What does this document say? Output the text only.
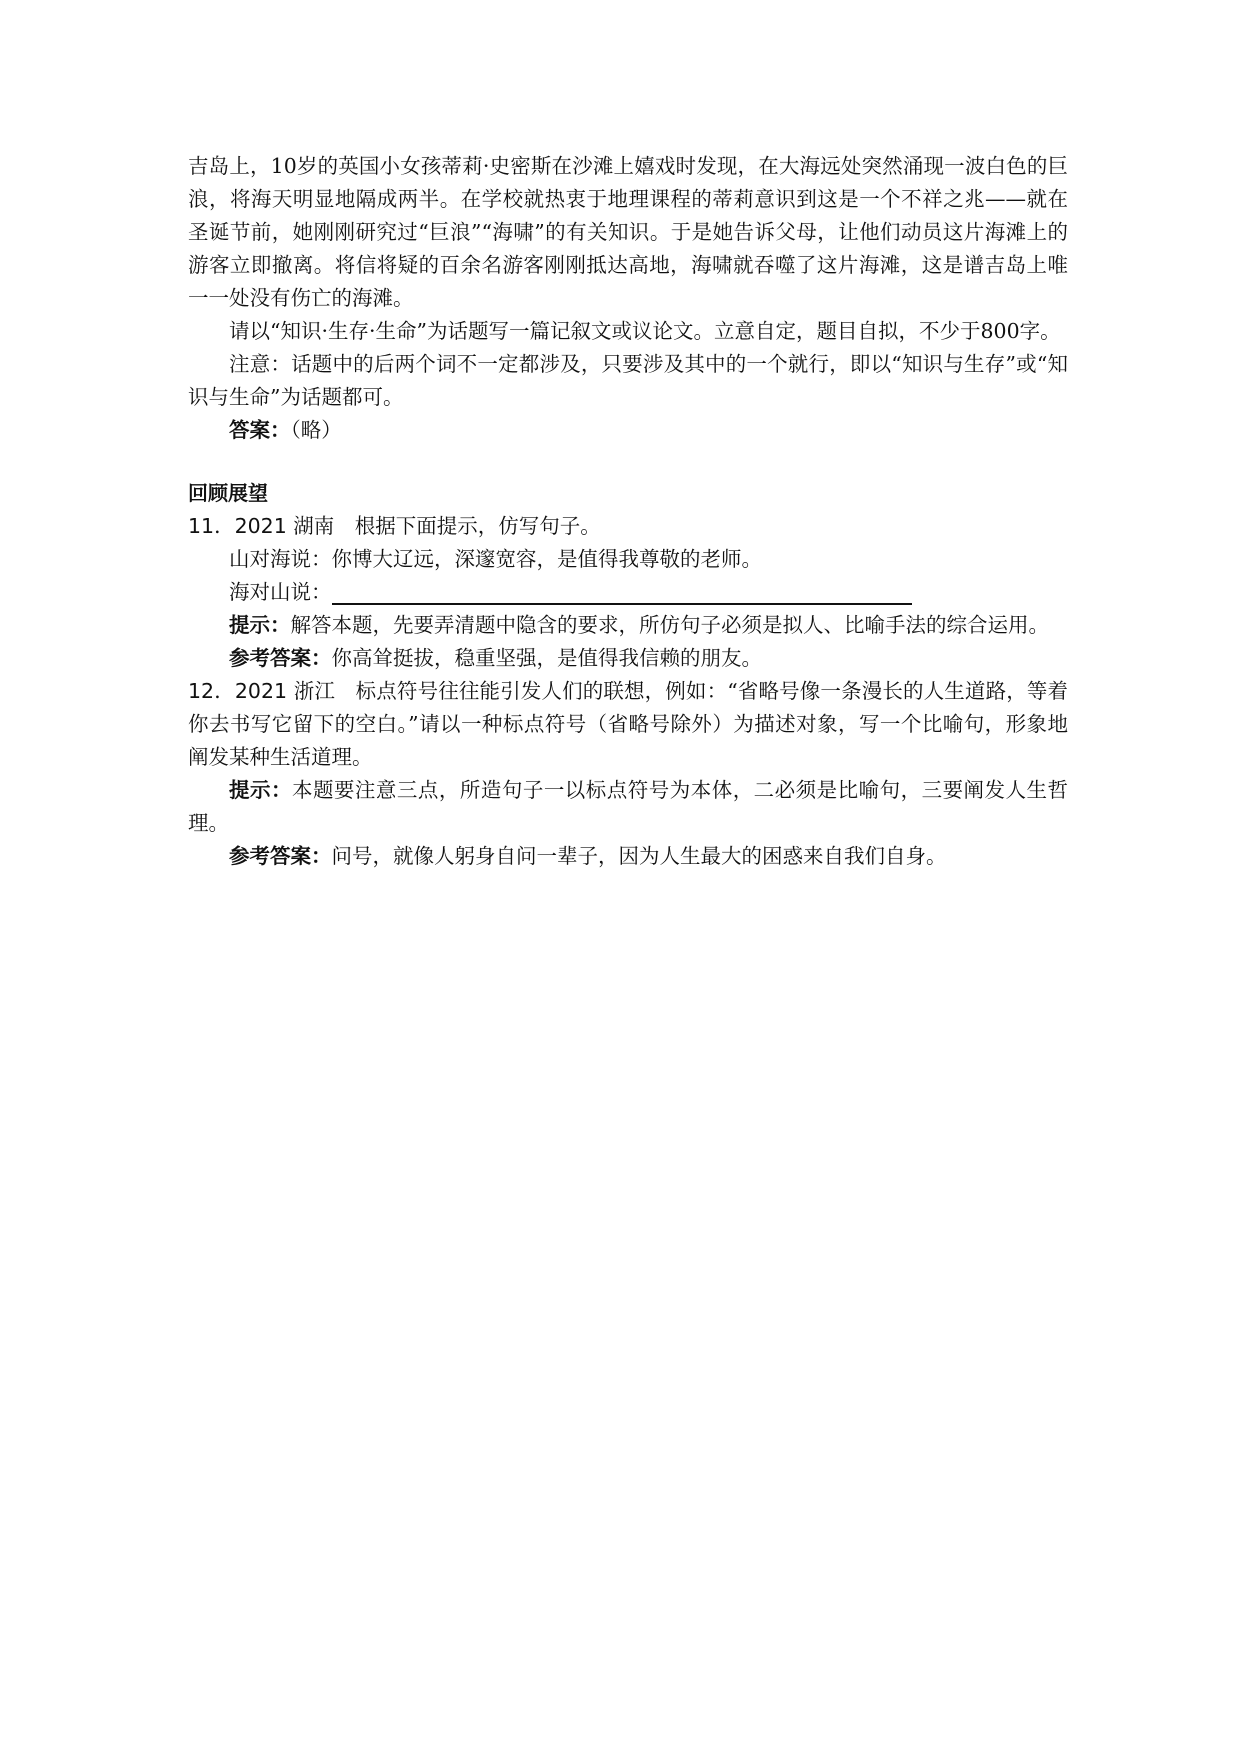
吉岛上，10岁的英国小女孩蒂莉·史密斯在沙滩上嬉戏时发现，在大海远处突然涌现一波白色的巨浪，将海天明显地隔成两半。在学校就热衷于地理课程的蒂莉意识到这是一个不祥之兆——就在圣诞节前，她刚刚研究过“巨浪”“海啸”的有关知识。于是她告诉父母，让他们动员这片海滩上的游客立即撤离。将信将疑的百余名游客刚刚抵达高地，海啸就吞噬了这片海滩，这是谱吉岛上唯一一处没有伤亡的海滩。

请以“知识·生存·生命”为话题写一篇记叙文或议论文。立意自定，题目自拟，不少于800字。

注意：话题中的后两个词不一定都涉及，只要涉及其中的一个就行，即以“知识与生存”或“知识与生命”为话题都可。

答案：（略）

回顾展望

11．2021 湖南  根据下面提示，仿写句子。

山对海说：你博大辽远，深邃宽容，是值得我尊敬的老师。

海对山说：

提示：解答本题，先要弄清题中隐含的要求，所仿句子必须是拟人、比喻手法的综合运用。

参考答案：你高耸挺拔，稳重坚强，是值得我信赖的朋友。

12．2021 浙江  标点符号往往能引发人们的联想，例如：“省略号像一条漫长的人生道路，等着你去书写它留下的空白。”请以一种标点符号（省略号除外）为描述对象，写一个比喻句，形象地阐发某种生活道理。

提示：本题要注意三点，所造句子一以标点符号为本体，二必须是比喻句，三要阐发人生哲理。

参考答案：问号，就像人躬身自问一辈子，因为人生最大的困惑来自我们自身。
